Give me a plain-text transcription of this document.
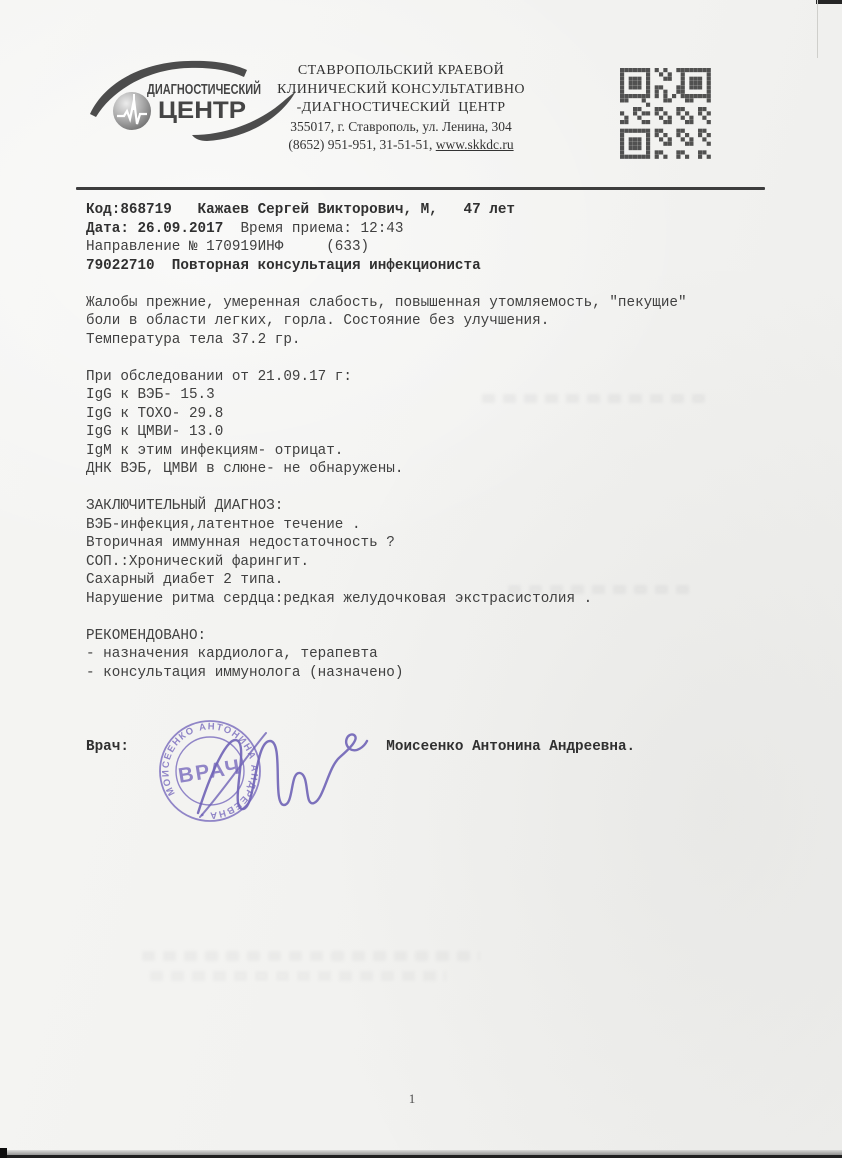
ДИАГНОСТИЧЕСКИЙ
ЦЕНТР
СТАВРОПОЛЬСКИЙ КРАЕВОЙ
КЛИНИЧЕСКИЙ КОНСУЛЬТАТИВНО
-ДИАГНОСТИЧЕСКИЙ  ЦЕНТР
355017, г. Ставрополь, ул. Ленина, 304
(8652) 951-951, 31-51-51, www.skkdc.ru
Код:868719   Кажаев Сергей Викторович, М,   47 лет
Дата: 26.09.2017  Время приема: 12:43
Направление № 170919ИНФ     (633)
79022710  Повторная консультация инфекциониста

Жалобы прежние, умеренная слабость, повышенная утомляемость, "пекущие"
боли в области легких, горла. Состояние без улучшения.
Температура тела 37.2 гр.

При обследовании от 21.09.17 г:
IgG к ВЭБ- 15.3
IgG к TOXO- 29.8
IgG к ЦМВИ- 13.0
IgM к этим инфекциям- отрицат.
ДНК ВЭБ, ЦМВИ в слюне- не обнаружены.

ЗАКЛЮЧИТЕЛЬНЫЙ ДИАГНОЗ:
ВЭБ-инфекция,латентное течение .
Вторичная иммунная недостаточность ?
СОП.:Хронический фарингит.
Сахарный диабет 2 типа.
Нарушение ритма сердца:редкая желудочковая экстрасистолия .

РЕКОМЕНДОВАНО:
- назначения кардиолога, терапевта
- консультация иммунолога (назначено)

Врач:	Моисеенко Антонина Андреевна.
МОИСЕЕНКО АНТОНИНА АНДРЕЕВНА •
ВРАЧ
1
